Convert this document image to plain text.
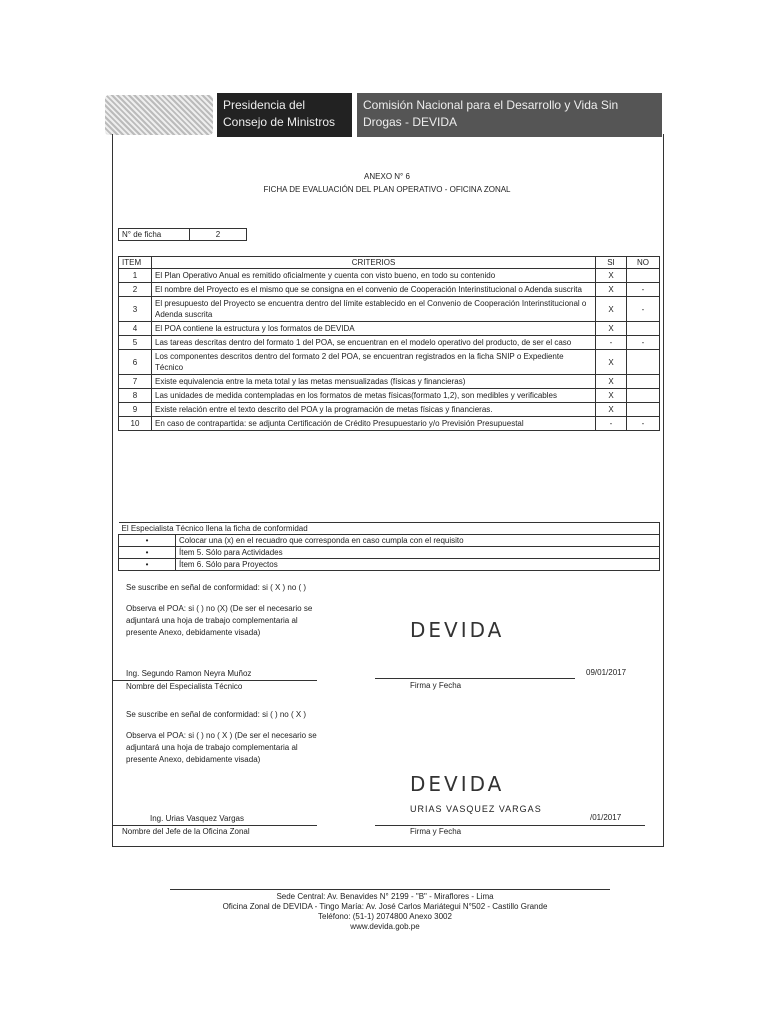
Presidencia del Consejo de Ministros
Comisión Nacional para el Desarrollo y Vida Sin Drogas - DEVIDA
ANEXO N° 6
FICHA DE EVALUACIÓN DEL PLAN OPERATIVO - OFICINA ZONAL
N° de ficha	2
ITEM	CRITERIOS	SI	NO
1	El Plan Operativo Anual es remitido oficialmente y cuenta con visto bueno, en todo su contenido	X	
2	El nombre del Proyecto es el mismo que se consigna en el convenio de Cooperación Interinstitucional o Adenda suscrita	X	-
3	El presupuesto del Proyecto se encuentra dentro del límite establecido en el Convenio de Cooperación Interinstitucional o Adenda suscrita	X	-
4	El POA contiene la estructura y los formatos de DEVIDA	X	
5	Las tareas descritas dentro del formato 1 del POA, se encuentran en el modelo operativo del producto, de ser el caso	-	-
6	Los componentes descritos dentro del formato 2 del POA, se encuentran registrados en la ficha SNIP o Expediente Técnico	X	
7	Existe equivalencia entre la meta total y las metas mensualizadas (físicas y financieras)	X	
8	Las unidades de medida contempladas en los formatos de metas físicas(formato 1,2), son medibles y verificables	X	
9	Existe relación entre el texto descrito del POA y la programación de metas físicas y financieras.	X	
10	En caso de contrapartida: se adjunta Certificación de Crédito Presupuestario y/o Previsión Presupuestal	-	-
El Especialista Técnico llena la ficha de conformidad	
•	Colocar una (x) en el recuadro que corresponda en caso cumpla con el requisito
•	Ítem 5. Sólo para Actividades
•	Ítem 6. Sólo para Proyectos
Se suscribe en señal de conformidad: si ( X ) no ( )
Observa el POA: si ( ) no (X) (De ser el necesario se adjuntará una hoja de trabajo complementaria al presente Anexo, debidamente visada)
Ing. Segundo Ramon Neyra Muñoz
Nombre del Especialista Técnico
DEVIDA
Firma y Fecha
09/01/2017
Se suscribe en señal de conformidad: si ( ) no ( X )
Observa el POA: si ( ) no ( X ) (De ser el necesario se adjuntará una hoja de trabajo complementaria al presente Anexo, debidamente visada)
Ing. Urias Vasquez Vargas
Nombre del Jefe de la Oficina Zonal
DEVIDA
URIAS VASQUEZ VARGAS
Firma y Fecha
/01/2017
Sede Central: Av. Benavides N° 2199 - "B" - Miraflores - Lima
Oficina Zonal de DEVIDA - Tingo María: Av. José Carlos Mariátegui N°502 - Castillo Grande
Teléfono: (51-1) 2074800 Anexo 3002
www.devida.gob.pe
